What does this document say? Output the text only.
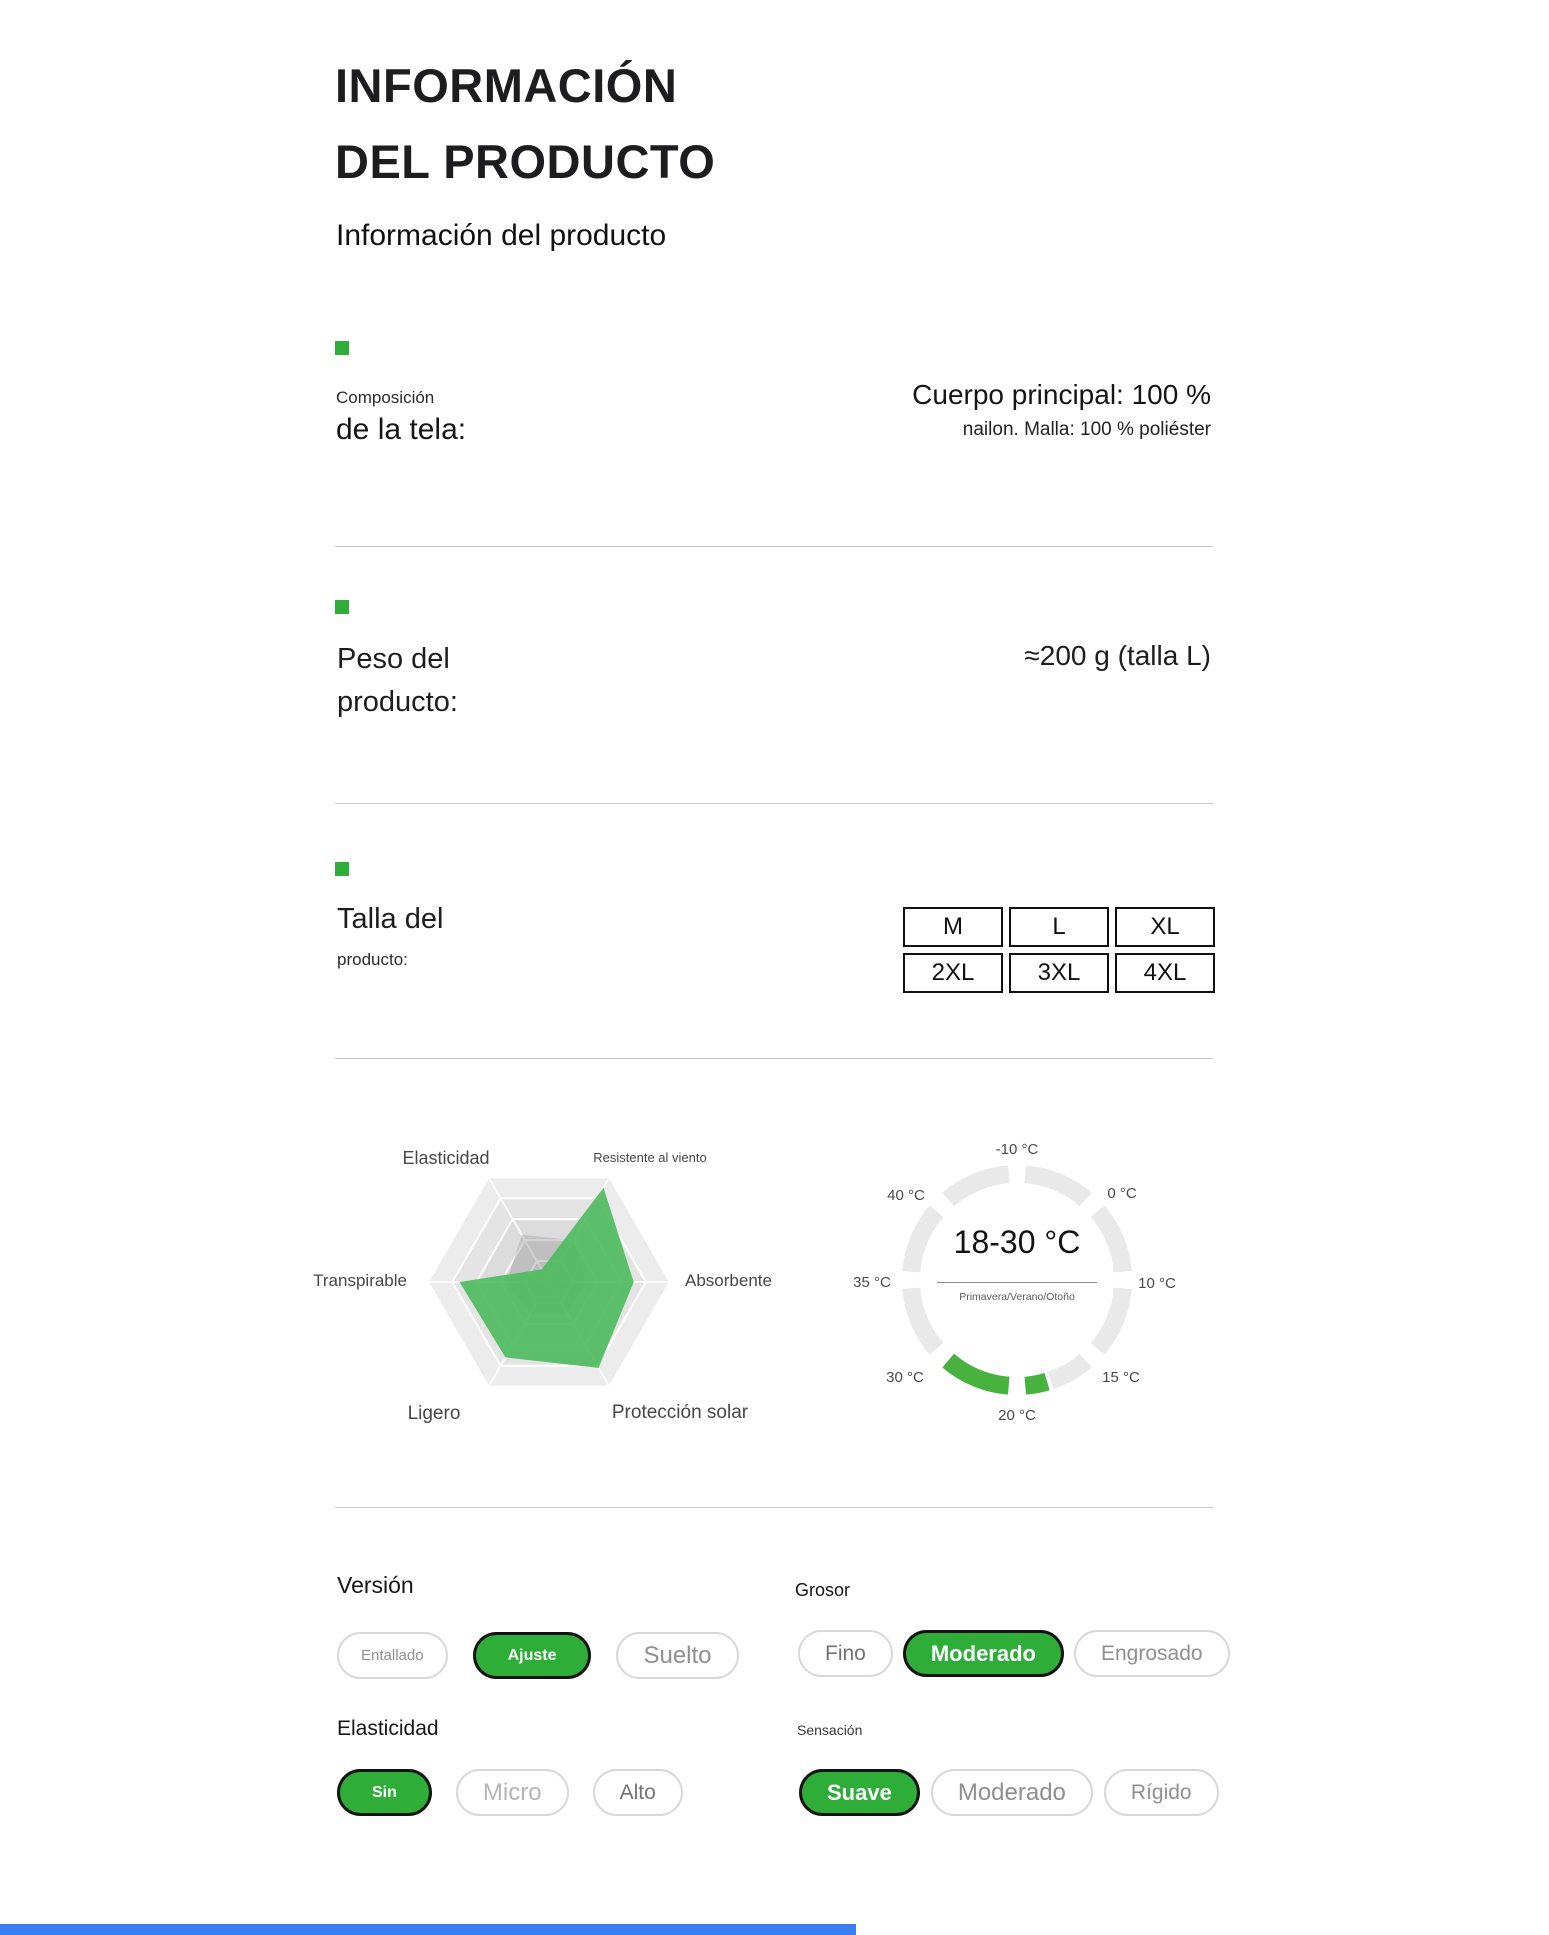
INFORMACIÓN
DEL PRODUCTO
Información del producto
Composición
de la tela:
Cuerpo principal: 100 %
nailon. Malla: 100 % poliéster
Peso del
producto:
≈200 g (talla L)
Talla del
producto:
M	L	XL
2XL	3XL	4XL
Elasticidad	Resistente al viento
Absorbente
Protección solar
Ligero
Transpirable
-10 °C
0 °C
10 °C
15 °C
20 °C
30 °C
35 °C
40 °C
18-30 °C
Primavera/Verano/Otoño
Versión
Entallado	Ajuste	Suelto
Grosor
Fino	Moderado	Engrosado
Elasticidad
Sin	Micro	Alto
Sensación
Suave	Moderado	Rígido
